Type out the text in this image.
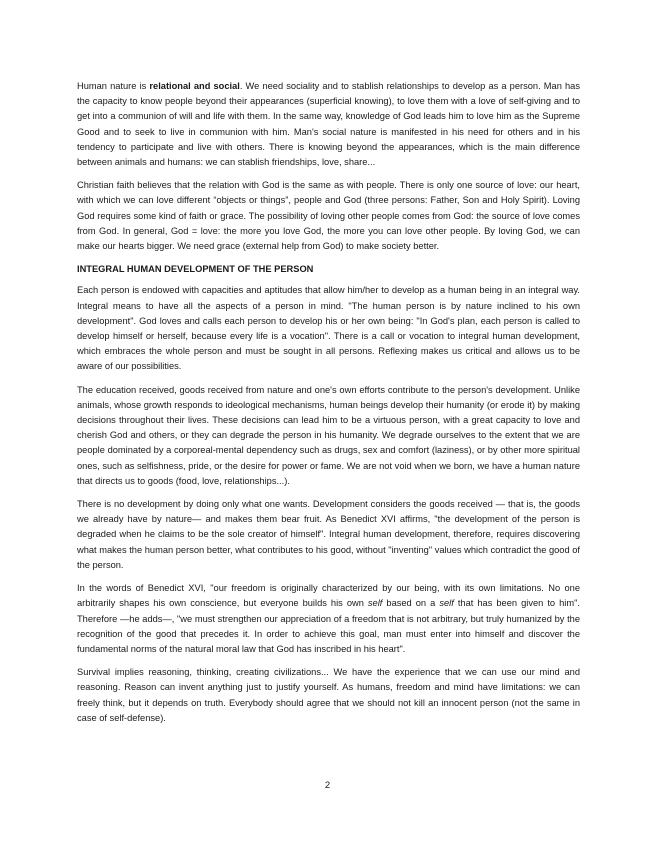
Human nature is relational and social. We need sociality and to stablish relationships to develop as a person. Man has the capacity to know people beyond their appearances (superficial knowing), to love them with a love of self-giving and to get into a communion of will and life with them. In the same way, knowledge of God leads him to love him as the Supreme Good and to seek to live in communion with him. Man's social nature is manifested in his need for others and in his tendency to participate and live with others. There is knowing beyond the appearances, which is the main difference between animals and humans: we can stablish friendships, love, share...

Christian faith believes that the relation with God is the same as with people. There is only one source of love: our heart, with which we can love different “objects or things”, people and God (three persons: Father, Son and Holy Spirit). Loving God requires some kind of faith or grace. The possibility of loving other people comes from God: the source of love comes from God. In general, God = love: the more you love God, the more you can love other people. By loving God, we can make our hearts bigger. We need grace (external help from God) to make society better.

INTEGRAL HUMAN DEVELOPMENT OF THE PERSON

Each person is endowed with capacities and aptitudes that allow him/her to develop as a human being in an integral way. Integral means to have all the aspects of a person in mind. "The human person is by nature inclined to his own development". God loves and calls each person to develop his or her own being: "In God's plan, each person is called to develop himself or herself, because every life is a vocation". There is a call or vocation to integral human development, which embraces the whole person and must be sought in all persons. Reflexing makes us critical and allows us to be aware of our possibilities.

The education received, goods received from nature and one's own efforts contribute to the person's development. Unlike animals, whose growth responds to ideological mechanisms, human beings develop their humanity (or erode it) by making decisions throughout their lives. These decisions can lead him to be a virtuous person, with a great capacity to love and cherish God and others, or they can degrade the person in his humanity. We degrade ourselves to the extent that we are people dominated by a corporeal-mental dependency such as drugs, sex and comfort (laziness), or by other more spiritual ones, such as selfishness, pride, or the desire for power or fame. We are not void when we born, we have a human nature that directs us to goods (food, love, relationships...).

There is no development by doing only what one wants. Development considers the goods received — that is, the goods we already have by nature— and makes them bear fruit. As Benedict XVI affirms, "the development of the person is degraded when he claims to be the sole creator of himself". Integral human development, therefore, requires discovering what makes the human person better, what contributes to his good, without "inventing" values which contradict the good of the person.

In the words of Benedict XVI, "our freedom is originally characterized by our being, with its own limitations. No one arbitrarily shapes his own conscience, but everyone builds his own self based on a self that has been given to him". Therefore —he adds—, "we must strengthen our appreciation of a freedom that is not arbitrary, but truly humanized by the recognition of the good that precedes it. In order to achieve this goal, man must enter into himself and discover the fundamental norms of the natural moral law that God has inscribed in his heart".

Survival implies reasoning, thinking, creating civilizations... We have the experience that we can use our mind and reasoning. Reason can invent anything just to justify yourself. As humans, freedom and mind have limitations: we can freely think, but it depends on truth. Everybody should agree that we should not kill an innocent person (not the same in case of self-defense).

2
